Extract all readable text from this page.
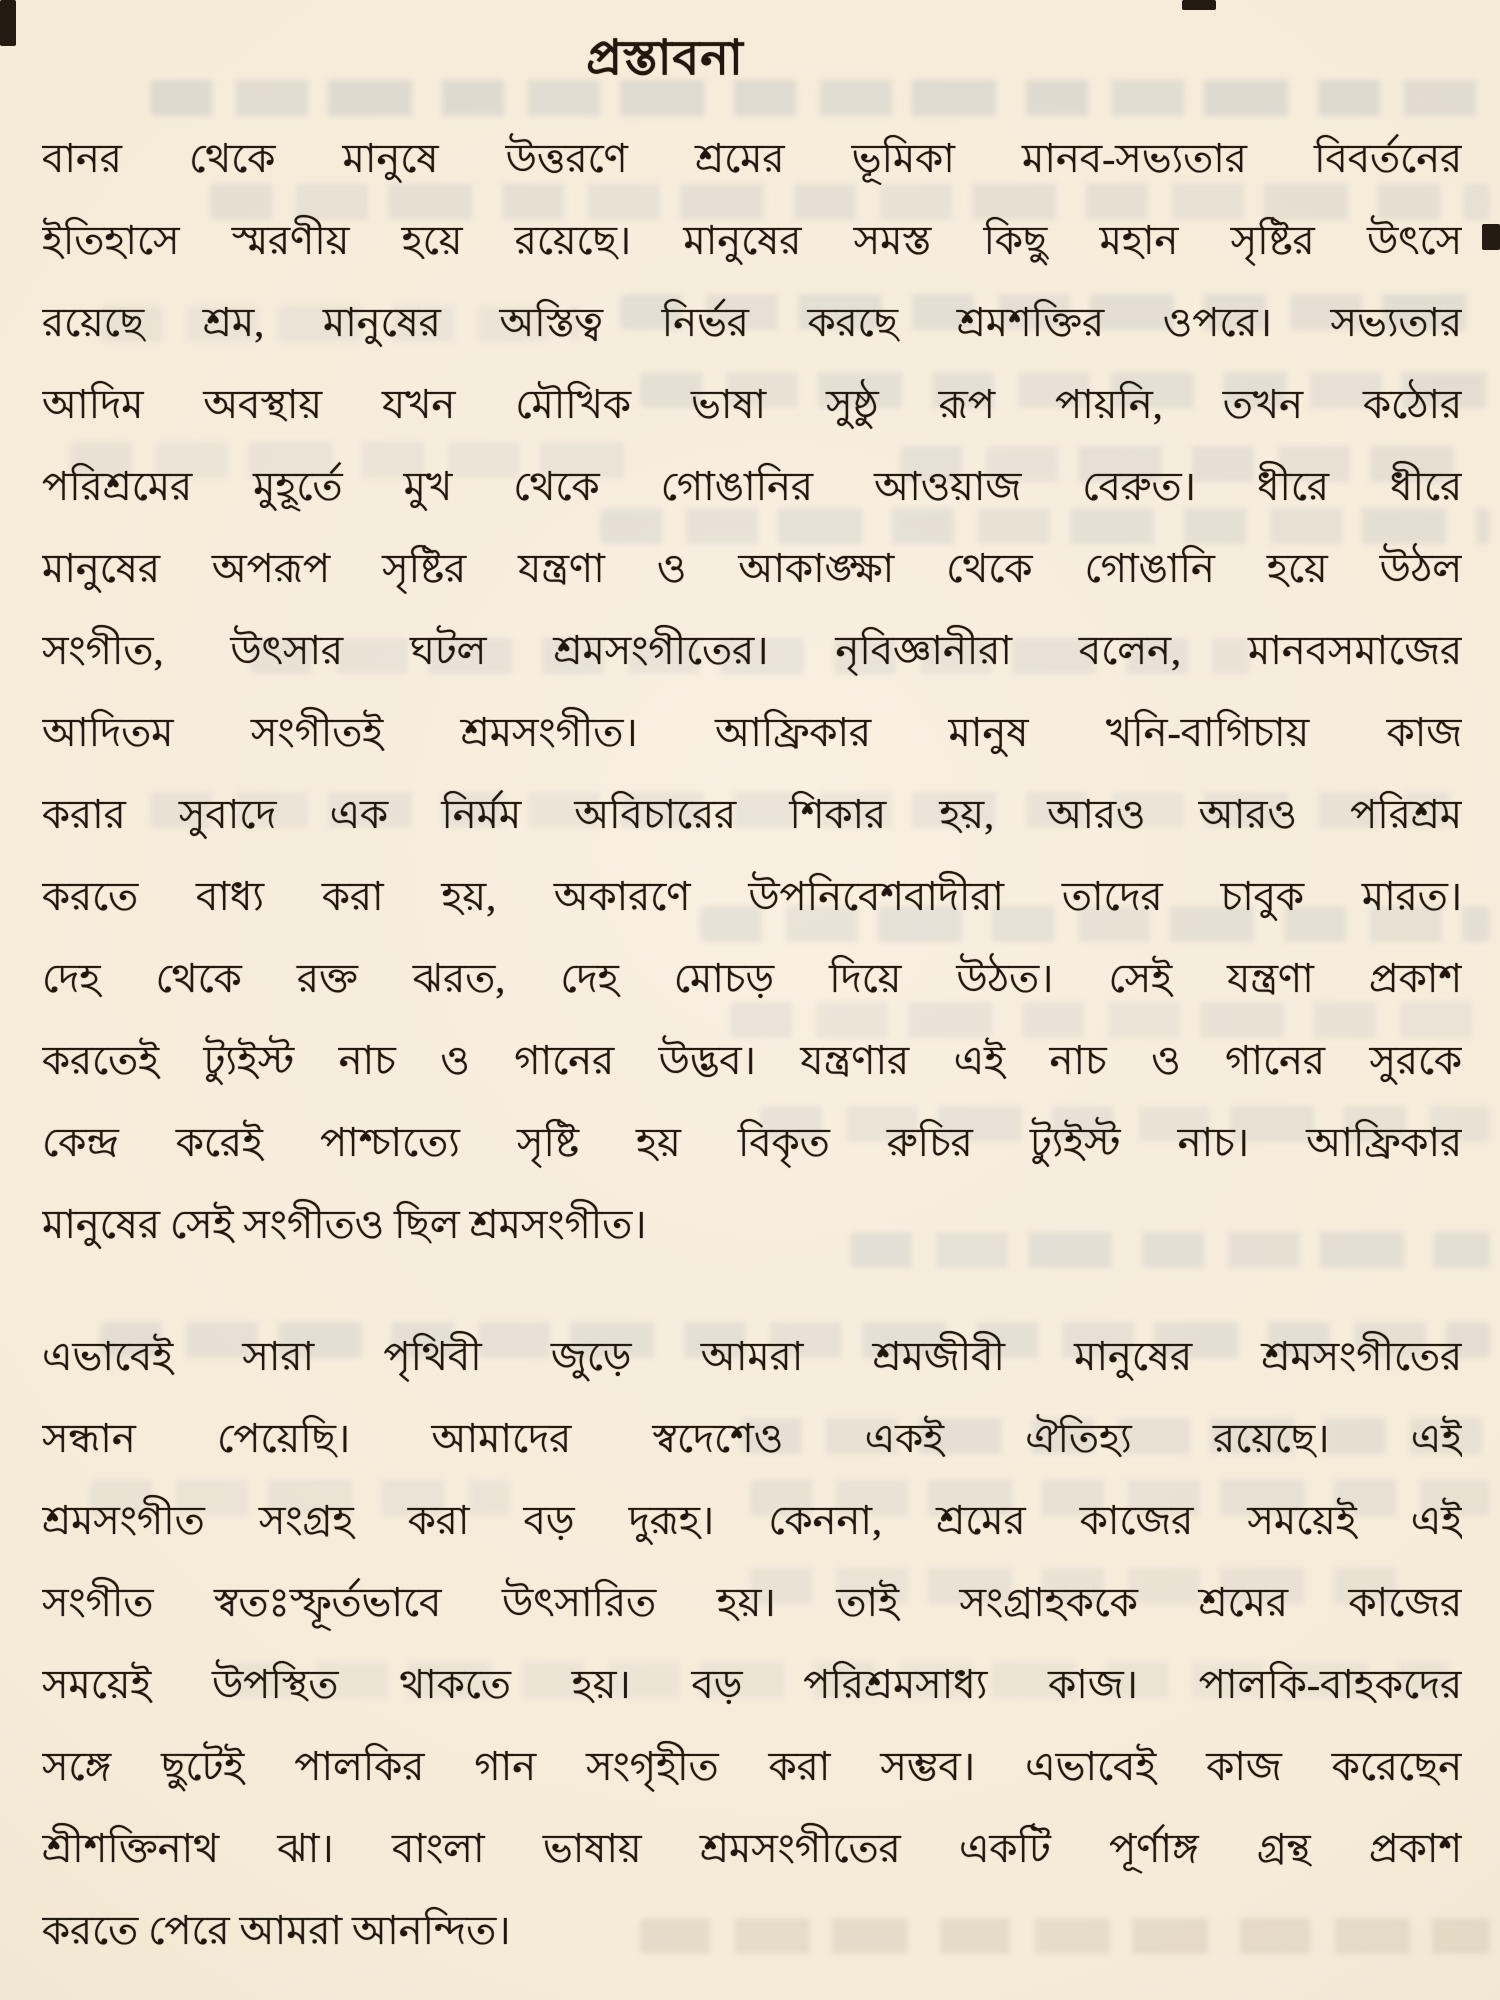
প্রস্তাবনা
বানর থেকে মানুষে উত্তরণে শ্রমের ভূমিকা মানব-সভ্যতার বিবর্তনের
ইতিহাসে স্মরণীয় হয়ে রয়েছে। মানুষের সমস্ত কিছু মহান সৃষ্টির উৎসে
রয়েছে শ্রম, মানুষের অস্তিত্ব নির্ভর করছে শ্রমশক্তির ওপরে। সভ্যতার
আদিম অবস্থায় যখন মৌখিক ভাষা সুষ্ঠু রূপ পায়নি, তখন কঠোর
পরিশ্রমের মুহূর্তে মুখ থেকে গোঙানির আওয়াজ বেরুত। ধীরে ধীরে
মানুষের অপরূপ সৃষ্টির যন্ত্রণা ও আকাঙ্ক্ষা থেকে গোঙানি হয়ে উঠল
সংগীত, উৎসার ঘটল শ্রমসংগীতের। নৃবিজ্ঞানীরা বলেন, মানবসমাজের
আদিতম সংগীতই শ্রমসংগীত। আফ্রিকার মানুষ খনি-বাগিচায় কাজ
করার সুবাদে এক নির্মম অবিচারের শিকার হয়, আরও আরও পরিশ্রম
করতে বাধ্য করা হয়, অকারণে উপনিবেশবাদীরা তাদের চাবুক মারত।
দেহ থেকে রক্ত ঝরত, দেহ মোচড় দিয়ে উঠত। সেই যন্ত্রণা প্রকাশ
করতেই ট্যুইস্ট নাচ ও গানের উদ্ভব। যন্ত্রণার এই নাচ ও গানের সুরকে
কেন্দ্র করেই পাশ্চাত্যে সৃষ্টি হয় বিকৃত রুচির ট্যুইস্ট নাচ। আফ্রিকার
মানুষের সেই সংগীতও ছিল শ্রমসংগীত।
এভাবেই সারা পৃথিবী জুড়ে আমরা শ্রমজীবী মানুষের শ্রমসংগীতের
সন্ধান পেয়েছি। আমাদের স্বদেশেও একই ঐতিহ্য রয়েছে। এই
শ্রমসংগীত সংগ্রহ করা বড় দুরূহ। কেননা, শ্রমের কাজের সময়েই এই
সংগীত স্বতঃস্ফূর্তভাবে উৎসারিত হয়। তাই সংগ্রাহককে শ্রমের কাজের
সময়েই উপস্থিত থাকতে হয়। বড় পরিশ্রমসাধ্য কাজ। পালকি-বাহকদের
সঙ্গে ছুটেই পালকির গান সংগৃহীত করা সম্ভব। এভাবেই কাজ করেছেন
শ্রীশক্তিনাথ ঝা। বাংলা ভাষায় শ্রমসংগীতের একটি পূর্ণাঙ্গ গ্রন্থ প্রকাশ
করতে পেরে আমরা আনন্দিত।
